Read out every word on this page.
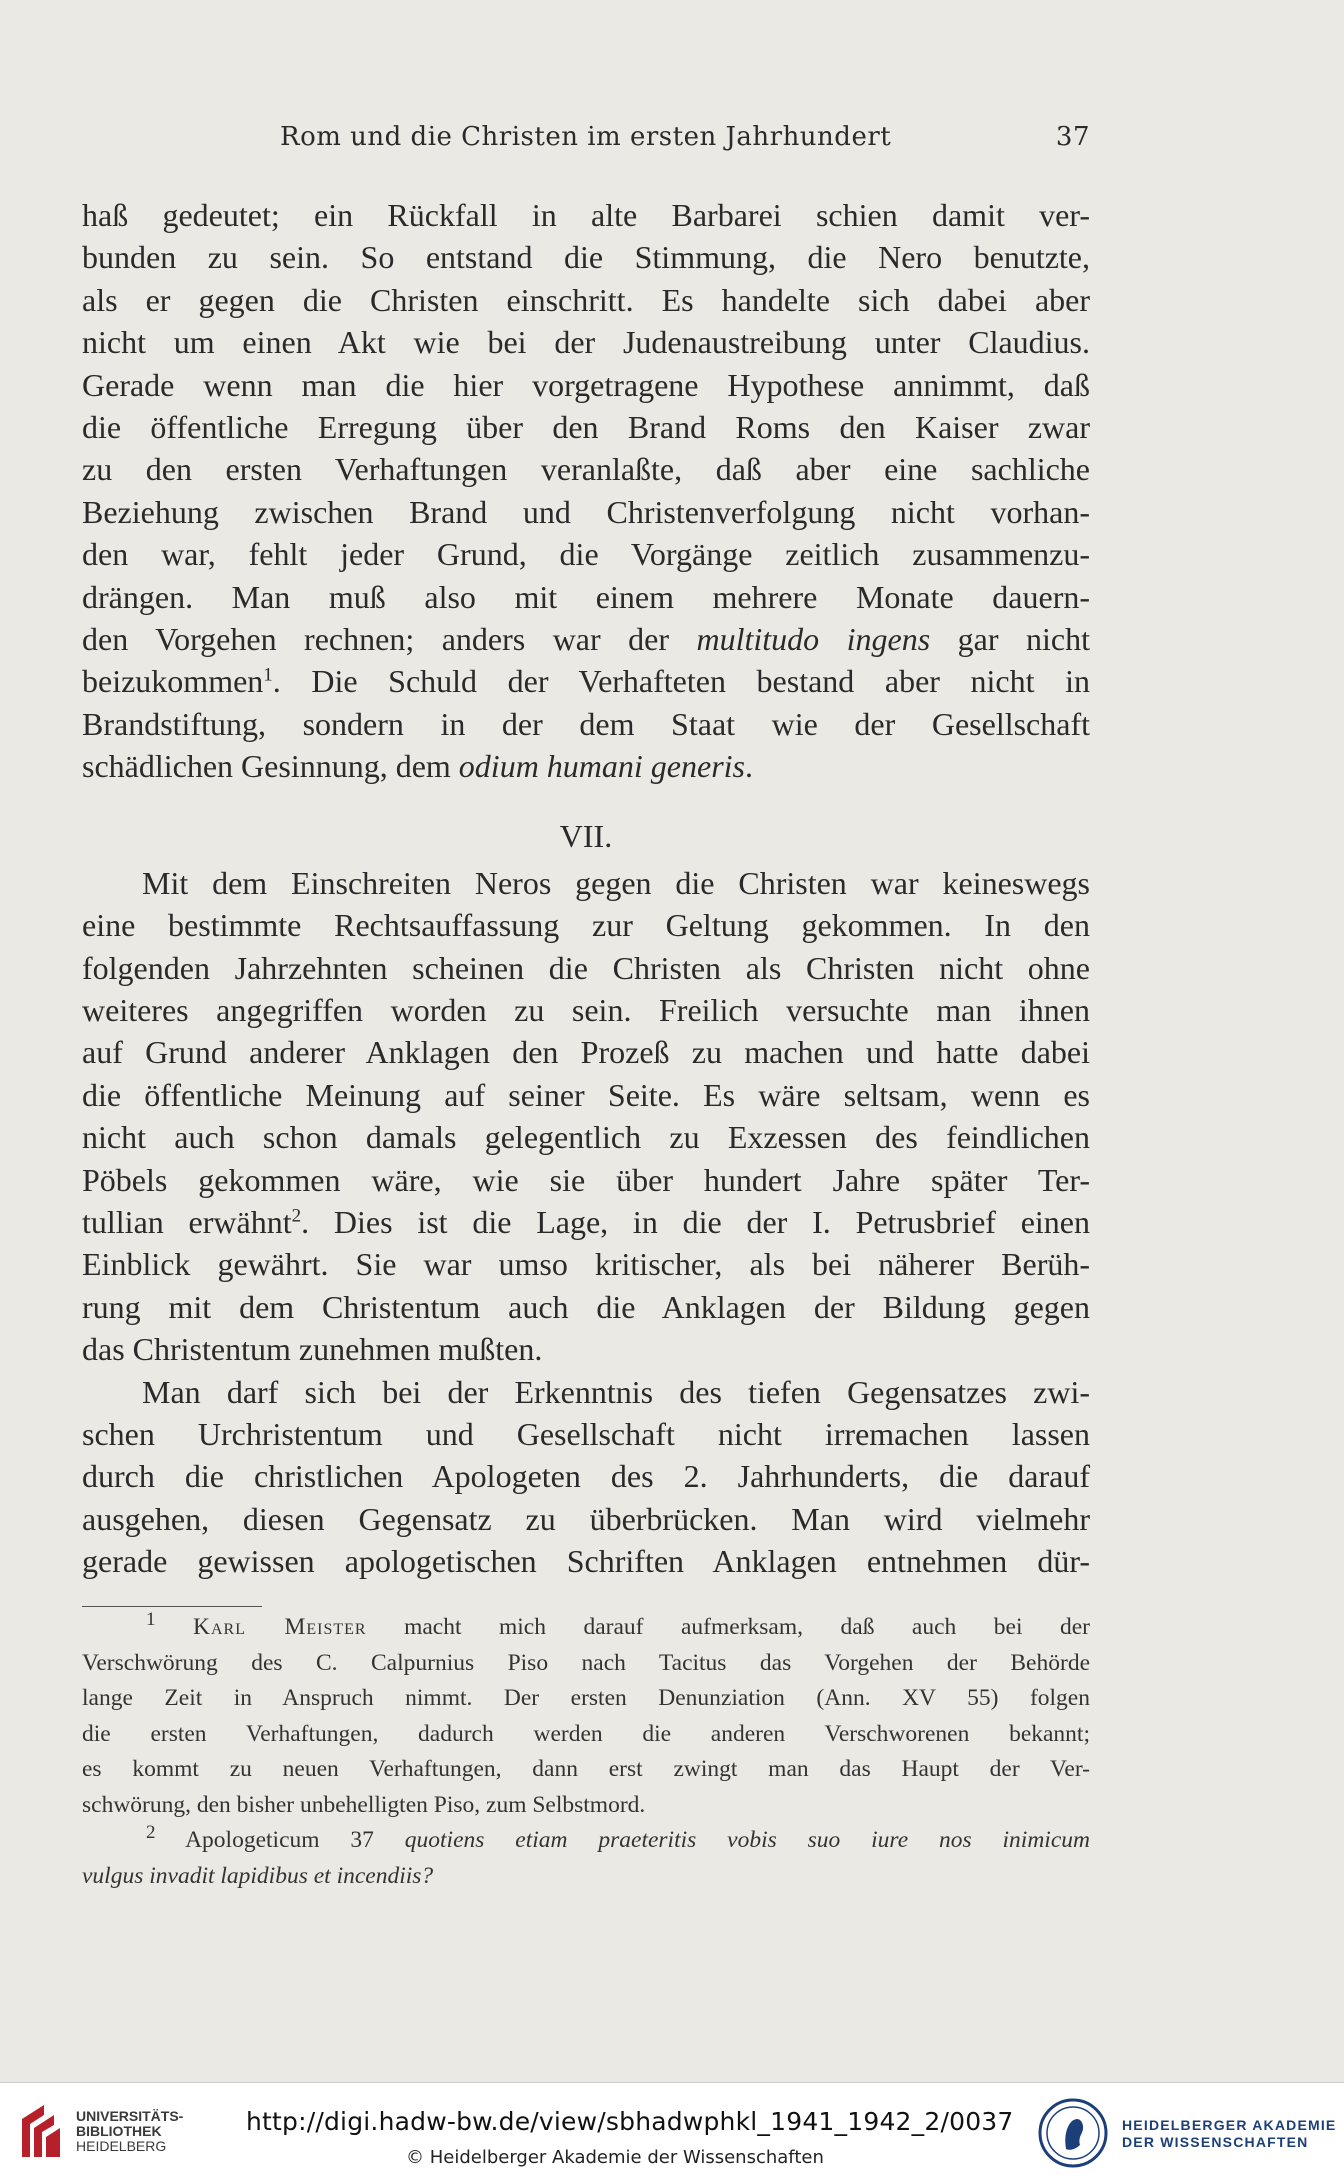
Rom und die Christen im ersten Jahrhundert	37
haß gedeutet; ein Rückfall in alte Barbarei schien damit ver-
bunden zu sein. So entstand die Stimmung, die Nero benutzte,
als er gegen die Christen einschritt. Es handelte sich dabei aber
nicht um einen Akt wie bei der Judenaustreibung unter Claudius.
Gerade wenn man die hier vorgetragene Hypothese annimmt, daß
die öffentliche Erregung über den Brand Roms den Kaiser zwar
zu den ersten Verhaftungen veranlaßte, daß aber eine sachliche
Beziehung zwischen Brand und Christenverfolgung nicht vorhan-
den war, fehlt jeder Grund, die Vorgänge zeitlich zusammenzu-
drängen. Man muß also mit einem mehrere Monate dauern-
den Vorgehen rechnen; anders war der multitudo ingens gar nicht
beizukommen$^1$. Die Schuld der Verhafteten bestand aber nicht in
Brandstiftung, sondern in der dem Staat wie der Gesellschaft
schädlichen Gesinnung, dem odium humani generis.
VII.
Mit dem Einschreiten Neros gegen die Christen war keineswegs
eine bestimmte Rechtsauffassung zur Geltung gekommen. In den
folgenden Jahrzehnten scheinen die Christen als Christen nicht ohne
weiteres angegriffen worden zu sein. Freilich versuchte man ihnen
auf Grund anderer Anklagen den Prozeß zu machen und hatte dabei
die öffentliche Meinung auf seiner Seite. Es wäre seltsam, wenn es
nicht auch schon damals gelegentlich zu Exzessen des feindlichen
Pöbels gekommen wäre, wie sie über hundert Jahre später Ter-
tullian erwähnt$^2$. Dies ist die Lage, in die der I. Petrusbrief einen
Einblick gewährt. Sie war umso kritischer, als bei näherer Berüh-
rung mit dem Christentum auch die Anklagen der Bildung gegen
das Christentum zunehmen mußten.
Man darf sich bei der Erkenntnis des tiefen Gegensatzes zwi-
schen Urchristentum und Gesellschaft nicht irremachen lassen
durch die christlichen Apologeten des 2. Jahrhunderts, die darauf
ausgehen, diesen Gegensatz zu überbrücken. Man wird vielmehr
gerade gewissen apologetischen Schriften Anklagen entnehmen dür-
$^1$ Karl Meister macht mich darauf aufmerksam, daß auch bei der
Verschwörung des C. Calpurnius Piso nach Tacitus das Vorgehen der Behörde
lange Zeit in Anspruch nimmt. Der ersten Denunziation (Ann. XV 55) folgen
die ersten Verhaftungen, dadurch werden die anderen Verschworenen bekannt;
es kommt zu neuen Verhaftungen, dann erst zwingt man das Haupt der Ver-
schwörung, den bisher unbehelligten Piso, zum Selbstmord.
$^2$ Apologeticum 37 quotiens etiam praeteritis vobis suo iure nos inimicum
vulgus invadit lapidibus et incendiis?
UNIVERSITÄTS-
BIBLIOTHEK
HEIDELBERG
http://digi.hadw-bw.de/view/sbhadwphkl_1941_1942_2/0037
© Heidelberger Akademie der Wissenschaften
HEIDELBERGER AKADEMIE
DER WISSENSCHAFTEN
